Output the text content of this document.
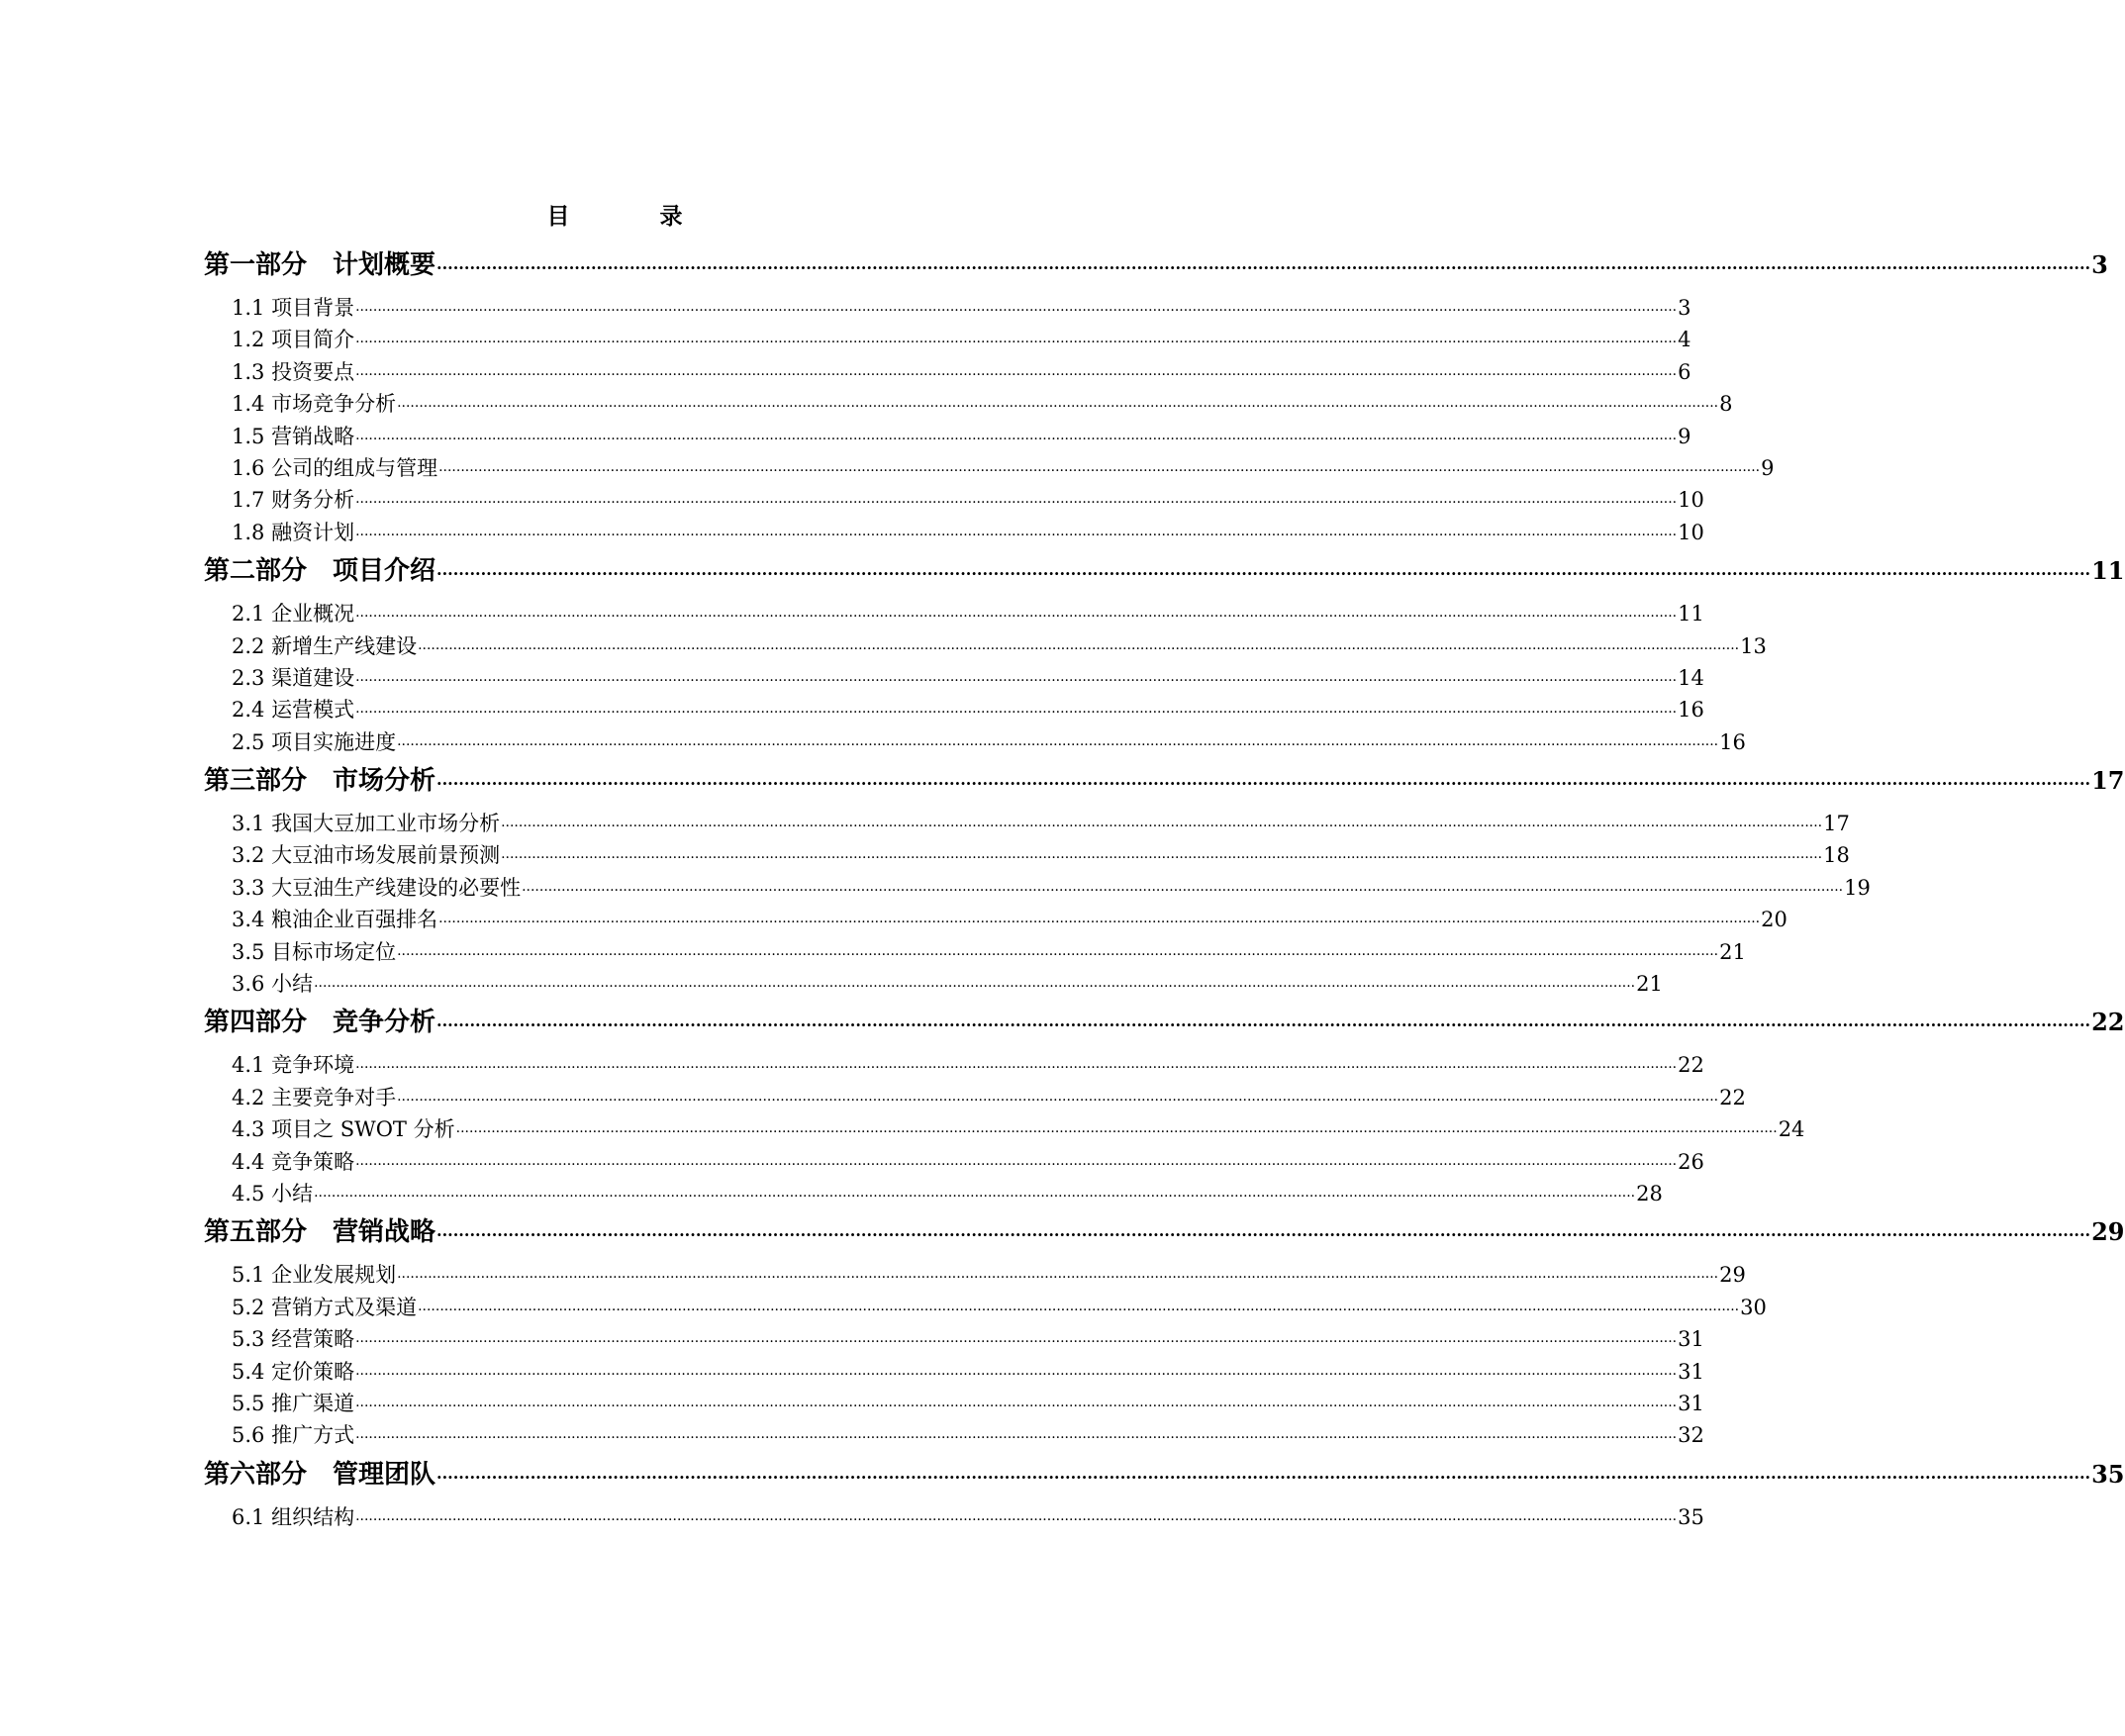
目　录
第一部分　计划概要 ············································································································································································································································································································ 3
1.1 项目背景 ············································································································································································································································································································ 3
1.2 项目简介 ············································································································································································································································································································ 4
1.3 投资要点 ············································································································································································································································································································ 6
1.4 市场竞争分析 ············································································································································································································································································································ 8
1.5 营销战略 ············································································································································································································································································································ 9
1.6 公司的组成与管理 ············································································································································································································································································································ 9
1.7 财务分析 ············································································································································································································································································································ 10
1.8 融资计划 ············································································································································································································································································································ 10
第二部分　项目介绍 ············································································································································································································································································································ 11
2.1 企业概况 ············································································································································································································································································································ 11
2.2 新增生产线建设 ············································································································································································································································································································ 13
2.3 渠道建设 ············································································································································································································································································································ 14
2.4 运营模式 ············································································································································································································································································································ 16
2.5 项目实施进度 ············································································································································································································································································································ 16
第三部分　市场分析 ············································································································································································································································································································ 17
3.1 我国大豆加工业市场分析 ············································································································································································································································································································ 17
3.2 大豆油市场发展前景预测 ············································································································································································································································································································ 18
3.3 大豆油生产线建设的必要性 ············································································································································································································································································································ 19
3.4 粮油企业百强排名 ············································································································································································································································································································ 20
3.5 目标市场定位 ············································································································································································································································································································ 21
3.6 小结 ············································································································································································································································································································ 21
第四部分　竞争分析 ············································································································································································································································································································ 22
4.1 竞争环境 ············································································································································································································································································································ 22
4.2 主要竞争对手 ············································································································································································································································································································ 22
4.3 项目之 SWOT 分析 ············································································································································································································································································································ 24
4.4 竞争策略 ············································································································································································································································································································ 26
4.5 小结 ············································································································································································································································································································ 28
第五部分　营销战略 ············································································································································································································································································································ 29
5.1 企业发展规划 ············································································································································································································································································································ 29
5.2 营销方式及渠道 ············································································································································································································································································································ 30
5.3 经营策略 ············································································································································································································································································································ 31
5.4 定价策略 ············································································································································································································································································································ 31
5.5 推广渠道 ············································································································································································································································································································ 31
5.6 推广方式 ············································································································································································································································································································ 32
第六部分　管理团队 ············································································································································································································································································································ 35
6.1 组织结构 ············································································································································································································································································································ 35
